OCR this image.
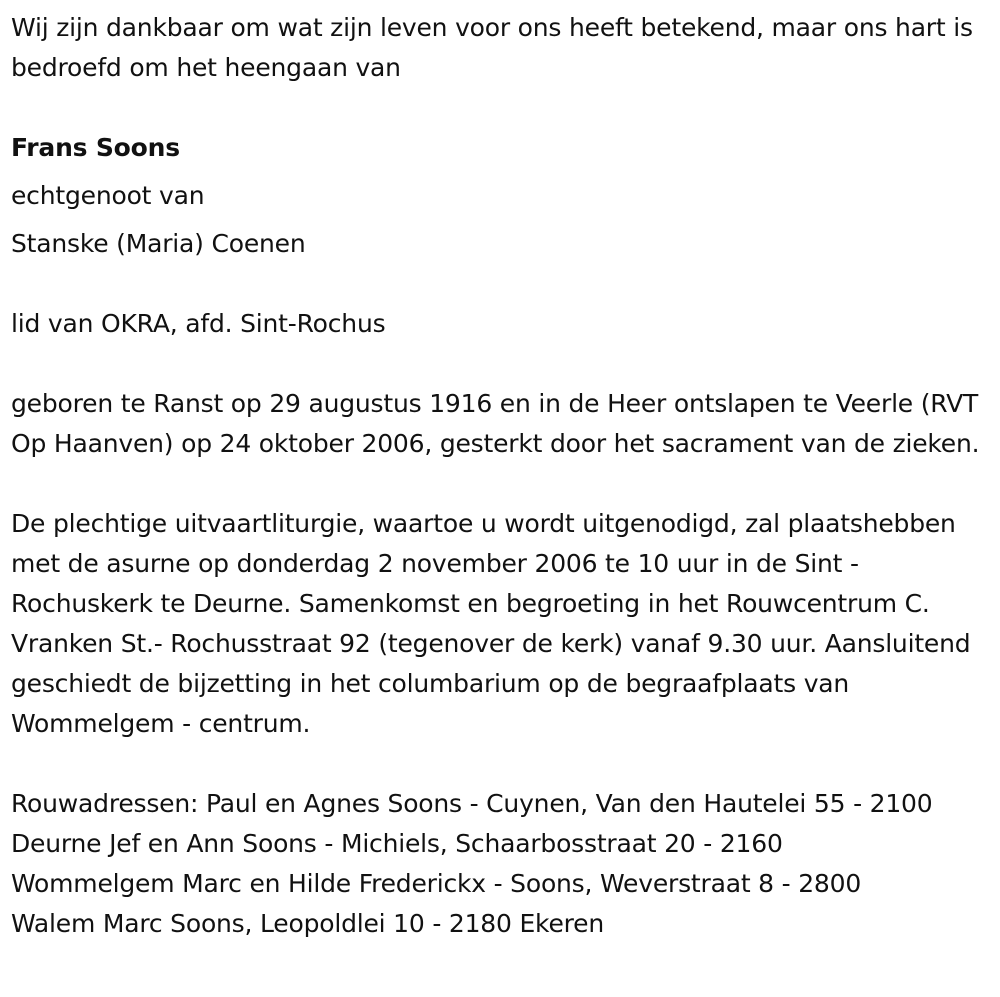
Wij zijn dankbaar om wat zijn leven voor ons heeft betekend, maar ons hart is bedroefd om het heengaan van

Frans Soons
echtgenoot van
Stanske (Maria) Coenen
lid van OKRA, afd. Sint-Rochus

geboren te Ranst op 29 augustus 1916 en in de Heer ontslapen te Veerle (RVT Op Haanven) op 24 oktober 2006, gesterkt door het sacrament van de zieken.

De plechtige uitvaartliturgie, waartoe u wordt uitgenodigd, zal plaatshebben met de asurne op donderdag 2 november 2006 te 10 uur in de Sint - Rochuskerk te Deurne. Samenkomst en begroeting in het Rouwcentrum C. Vranken St.- Rochusstraat 92 (tegenover de kerk) vanaf 9.30 uur. Aansluitend geschiedt de bijzetting in het columbarium op de begraafplaats van Wommelgem - centrum.

Rouwadressen: Paul en Agnes Soons - Cuynen, Van den Hautelei 55 - 2100
Deurne Jef en Ann Soons - Michiels, Schaarbosstraat 20 - 2160
Wommelgem Marc en Hilde Frederickx - Soons, Weverstraat 8 - 2800
Walem Marc Soons, Leopoldlei 10 - 2180 Ekeren
